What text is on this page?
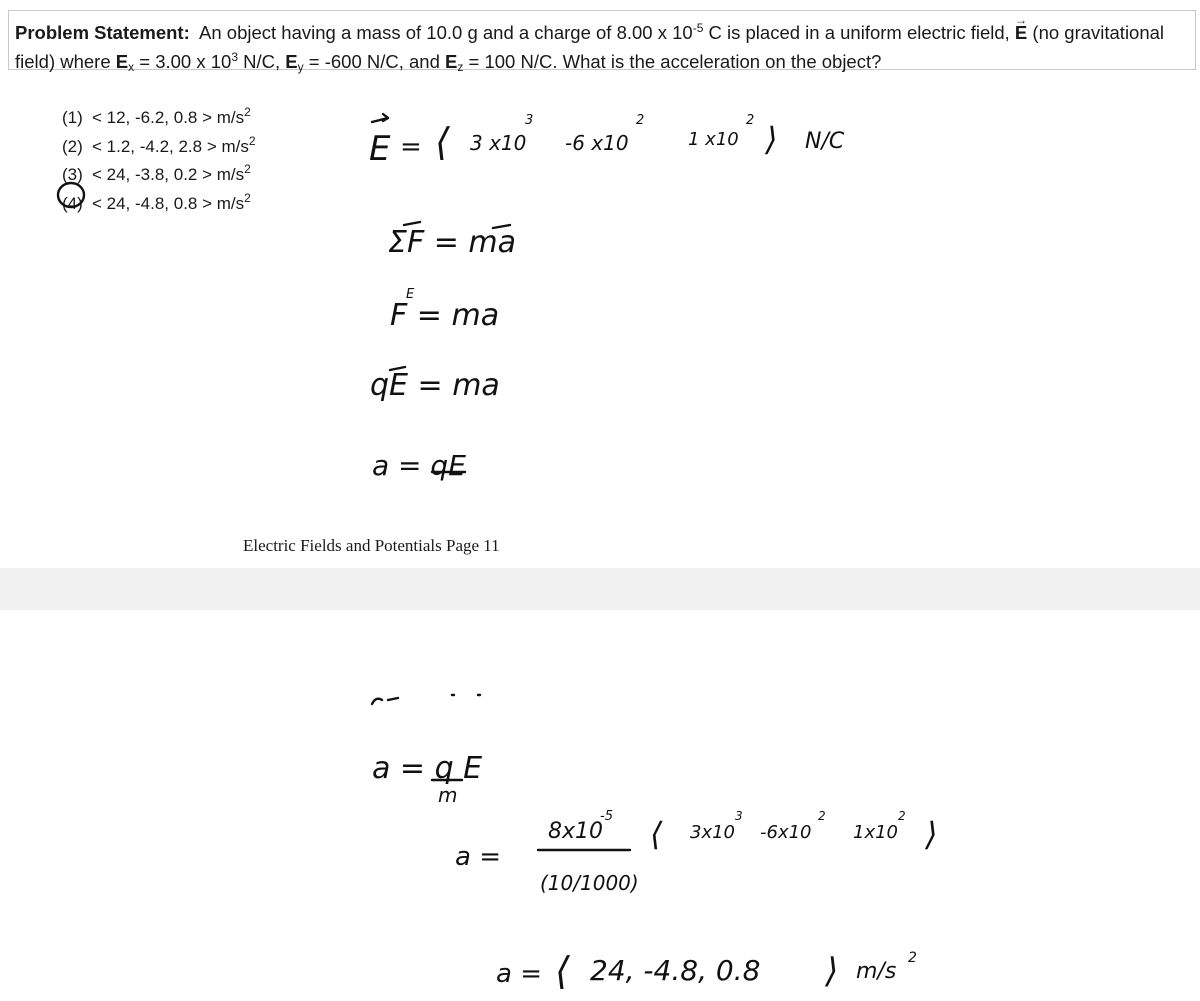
Problem Statement: An object having a mass of 10.0 g and a charge of 8.00 x $10^{-5}$ C is placed in a uniform electric field, → E (no gravitational field) where $E_x = 3.00$ x $10^3$ N/C, $E_y = -600$ N/C, and $E_z = 100$ N/C. What is the acceleration on the object?
(1) < 12, -6.2, $0.8 > m/s^2$
(2) < 1.2, -4.2, $2.8 > m/s^2$
(3) < 24, -3.8, $0.2 > m/s^2$
(4) < 24, -4.8, $0.8 > m/s^2$
Electric Fields and Potentials Page 11
E = ⟨ 3 x10
3
-6 x10
2
1 x10
2 ⟩ N/C
ΣF = ma
F = ma
E
qE = ma
a = qE
a = q E
m
a =
8x10
-5
(10/1000)
⟨ 3x10
3
-6x10
2
1x10
2 ⟩
a = ⟨ 24, -4.8, 0.8 ⟩ m/s
2
